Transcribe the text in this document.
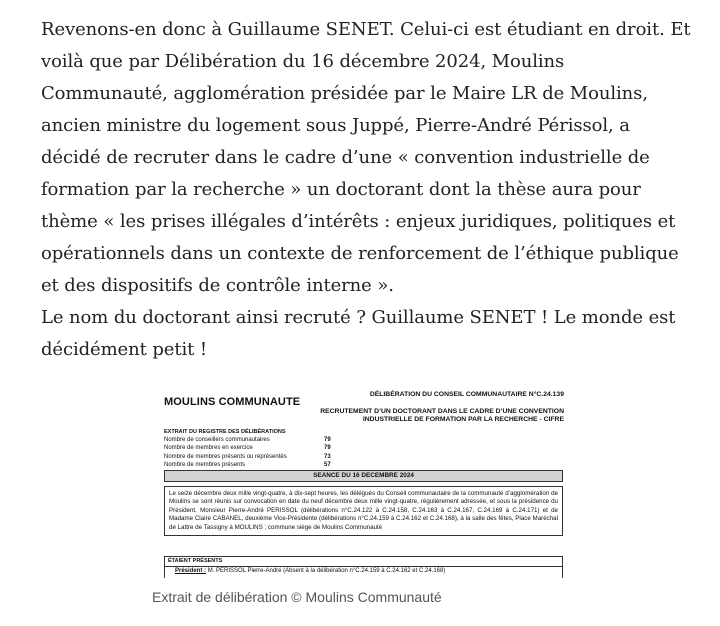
Revenons-en donc à Guillaume SENET. Celui-ci est étudiant en droit. Et voilà que par Délibération du 16 décembre 2024, Moulins Communauté, agglomération présidée par le Maire LR de Moulins, ancien ministre du logement sous Juppé, Pierre-André Périssol, a décidé de recruter dans le cadre d’une « convention industrielle de formation par la recherche » un doctorant dont la thèse aura pour thème « les prises illégales d’intérêts : enjeux juridiques, politiques et opérationnels dans un contexte de renforcement de l’éthique publique et des dispositifs de contrôle interne ».

Le nom du doctorant ainsi recruté ? Guillaume SENET ! Le monde est décidément petit !

MOULINS COMMUNAUTE
DÉLIBÉRATION DU CONSEIL COMMUNAUTAIRE N°C.24.139
RECRUTEMENT D’UN DOCTORANT DANS LE CADRE D’UNE CONVENTION INDUSTRIELLE DE FORMATION PAR LA RECHERCHE - CIFRE
EXTRAIT DU REGISTRE DES DÉLIBÉRATIONS
Nombre de conseillers communautaires	79
Nombre de membres en exercice	79
Nombre de membres présents ou représentés	73
Nombre de membres présents	57
SEANCE DU 16 DECEMBRE 2024
Le seize décembre deux mille vingt-quatre, à dix-sept heures, les délégués du Conseil communautaire de la communauté d’agglomération de Moulins se sont réunis sur convocation en date du neuf décembre deux mille vingt-quatre, régulièrement adressée, et sous la présidence du Président, Monsieur Pierre-André PERISSOL (délibérations n°C.24.122 à C.24.158, C.24.163 à C.24.167, C.24.169 à C.24.171) et de Madame Claire CABANEL, deuxième Vice-Présidente (délibérations n°C.24.159 à C.24.162 et C.24.168), à la salle des fêtes, Place Maréchal de Lattre de Tassigny à MOULINS ; commune siège de Moulins Communauté
ÉTAIENT PRÉSENTS
Président : M. PERISSOL Pierre-André (Absent à la délibération n°C.24.159 à C.24.162 et C.24.168)
Extrait de délibération © Moulins Communauté
